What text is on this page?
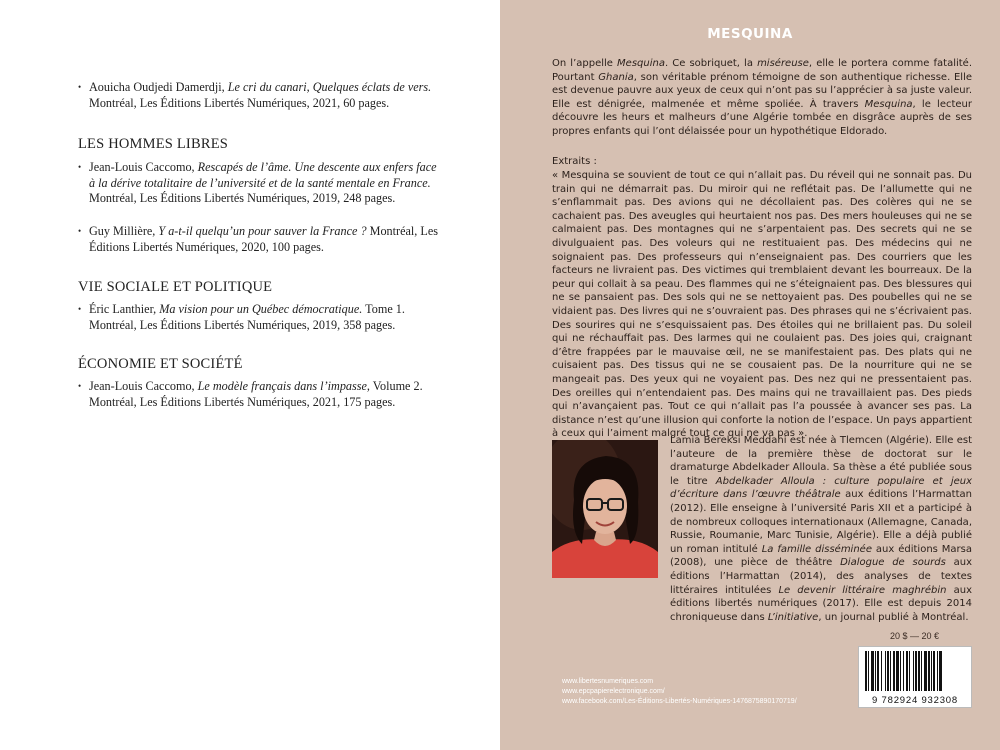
• Aouicha Oudjedi Damerdji, Le cri du canari, Quelques éclats de vers. Montréal, Les Éditions Libertés Numériques, 2021, 60 pages.
LES HOMMES LIBRES
• Jean-Louis Caccomo, Rescapés de l’âme. Une descente aux enfers face à la dérive totalitaire de l’université et de la santé mentale en France. Montréal, Les Éditions Libertés Numériques, 2019, 248 pages.
• Guy Millière, Y a-t-il quelqu’un pour sauver la France ? Montréal, Les Éditions Libertés Numériques, 2020, 100 pages.
VIE SOCIALE ET POLITIQUE
• Éric Lanthier, Ma vision pour un Québec démocratique. Tome 1. Montréal, Les Éditions Libertés Numériques, 2019, 358 pages.
ÉCONOMIE ET SOCIÉTÉ
• Jean-Louis Caccomo, Le modèle français dans l’impasse, Volume 2. Montréal, Les Éditions Libertés Numériques, 2021, 175 pages.
MESQUINA
On l’appelle Mesquina. Ce sobriquet, la miséreuse, elle le portera comme fatalité. Pourtant Ghania, son véritable prénom témoigne de son authentique richesse. Elle est devenue pauvre aux yeux de ceux qui n’ont pas su l’apprécier à sa juste valeur. Elle est dénigrée, malmenée et même spoliée. À travers Mesquina, le lecteur découvre les heurs et malheurs d’une Algérie tombée en disgrâce auprès de ses propres enfants qui l’ont délaissée pour un hypothétique Eldorado.
Extraits :
« Mesquina se souvient de tout ce qui n’allait pas. Du réveil qui ne sonnait pas. Du train qui ne démarrait pas. Du miroir qui ne reflétait pas. De l’allumette qui ne s’enflammait pas. Des avions qui ne décollaient pas. Des colères qui ne se cachaient pas. Des aveugles qui heurtaient nos pas. Des mers houleuses qui ne se calmaient pas. Des montagnes qui ne s’arpentaient pas. Des secrets qui ne se divulguaient pas. Des voleurs qui ne restituaient pas. Des médecins qui ne soignaient pas. Des professeurs qui n’enseignaient pas. Des courriers que les facteurs ne livraient pas. Des victimes qui tremblaient devant les bourreaux. De la peur qui collait à sa peau. Des flammes qui ne s’éteignaient pas. Des blessures qui ne se pansaient pas. Des sols qui ne se nettoyaient pas. Des poubelles qui ne se vidaient pas. Des livres qui ne s’ouvraient pas. Des phrases qui ne s’écrivaient pas. Des sourires qui ne s’esquissaient pas. Des étoiles qui ne brillaient pas. Du soleil qui ne réchauffait pas. Des larmes qui ne coulaient pas. Des joies qui, craignant d’être frappées par le mauvaise œil, ne se manifestaient pas. Des plats qui ne cuisaient pas. Des tissus qui ne se cousaient pas. De la nourriture qui ne se mangeait pas. Des yeux qui ne voyaient pas. Des nez qui ne pressentaient pas. Des oreilles qui n’entendaient pas. Des mains qui ne travaillaient pas. Des pieds qui n’avançaient pas. Tout ce qui n’allait pas l’a poussée à avancer ses pas. La distance n’est qu’une illusion qui conforte la notion de l’espace. Un pays appartient à ceux qui l’aiment malgré tout ce qui ne va pas ».
Lamia Bereksi Meddahi est née à Tlemcen (Algérie). Elle est l’auteure de la première thèse de doctorat sur le dramaturge Abdelkader Alloula. Sa thèse a été publiée sous le titre Abdelkader Alloula : culture populaire et jeux d’écriture dans l’œuvre théâtrale aux éditions l’Harmattan (2012). Elle enseigne à l’université Paris XII et a participé à de nombreux colloques internationaux (Allemagne, Canada, Russie, Roumanie, Marc Tunisie, Algérie). Elle a déjà publié un roman intitulé La famille disséminée aux éditions Marsa (2008), une pièce de théâtre Dialogue de sourds aux éditions l’Harmattan (2014), des analyses de textes littéraires intitulées Le devenir littéraire maghrébin aux éditions libertés numériques (2017). Elle est depuis 2014 chroniqueuse dans L’initiative, un journal publié à Montréal.
www.libertesnumeriques.com
www.epcpapierelectronique.com/
www.facebook.com/Les-Éditions-Libertés-Numériques-1476875890170719/
20 $ — 20 €
9 782924 932308
